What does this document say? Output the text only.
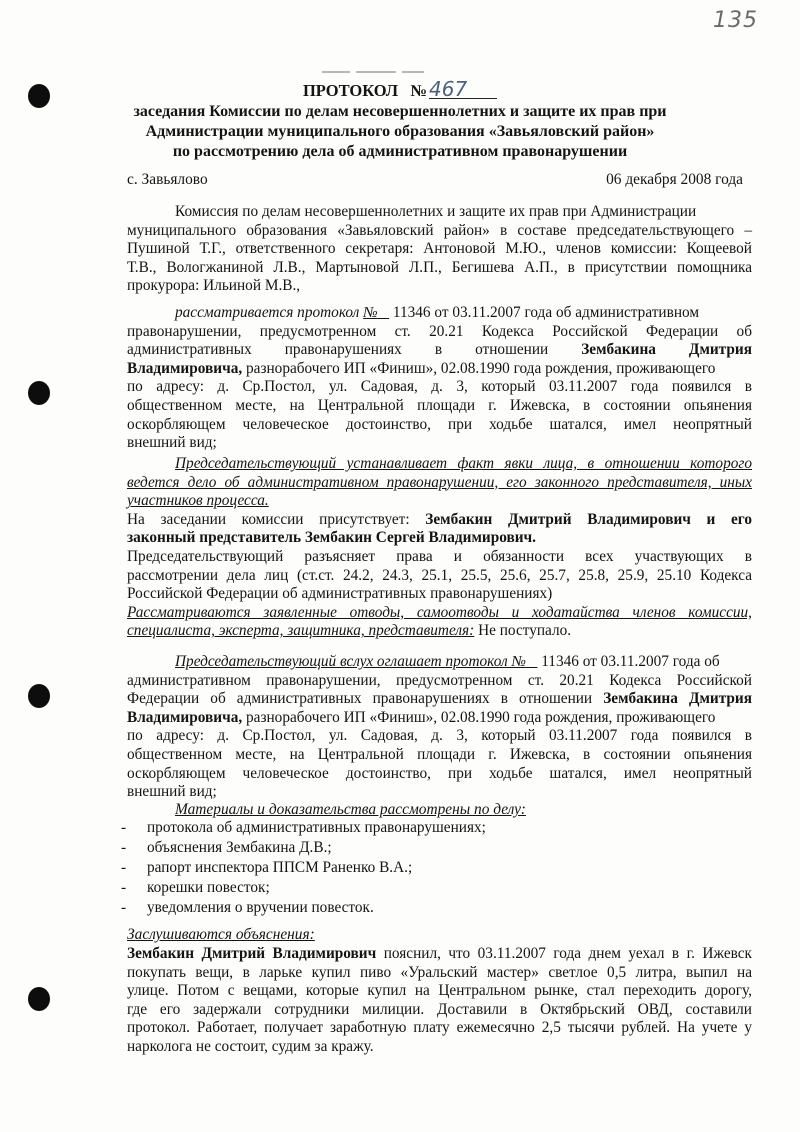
135
ПРОТОКОЛ № 467
заседания Комиссии по делам несовершеннолетних и защите их прав при
Администрации муниципального образования «Завьяловский район»
по рассмотрению дела об административном правонарушении
с. Завьялово	06 декабря 2008 года
Комиссия по делам несовершеннолетних и защите их прав при Администрации
муниципального образования «Завьяловский район» в составе председательствующего –
Пушиной Т.Г., ответственного секретаря: Антоновой М.Ю., членов комиссии: Кощеевой
Т.В., Вологжаниной Л.В., Мартыновой Л.П., Бегишева А.П., в присутствии помощника
прокурора: Ильиной М.В.,
рассматривается протокол № 11346 от 03.11.2007 года об административном
правонарушении, предусмотренном ст. 20.21 Кодекса Российской Федерации об
административных правонарушениях в отношении Зембакина Дмитрия
Владимировича, разнорабочего ИП «Финиш», 02.08.1990 года рождения, проживающего
по адресу: д. Ср.Постол, ул. Садовая, д. 3, который 03.11.2007 года появился в
общественном месте, на Центральной площади г. Ижевска, в состоянии опьянения
оскорбляющем человеческое достоинство, при ходьбе шатался, имел неопрятный
внешний вид;
Председательствующий устанавливает факт явки лица, в отношении которого
ведется дело об административном правонарушении, его законного представителя, иных
участников процесса.
На заседании комиссии присутствует: Зембакин Дмитрий Владимирович и его
законный представитель Зембакин Сергей Владимирович.
Председательствующий разъясняет права и обязанности всех участвующих в
рассмотрении дела лиц (ст.ст. 24.2, 24.3, 25.1, 25.5, 25.6, 25.7, 25.8, 25.9, 25.10 Кодекса
Российской Федерации об административных правонарушениях)
Рассматриваются заявленные отводы, самоотводы и ходатайства членов комиссии,
специалиста, эксперта, защитника, представителя: Не поступало.
Председательствующий вслух оглашает протокол № 11346 от 03.11.2007 года об
административном правонарушении, предусмотренном ст. 20.21 Кодекса Российской
Федерации об административных правонарушениях в отношении Зембакина Дмитрия
Владимировича, разнорабочего ИП «Финиш», 02.08.1990 года рождения, проживающего
по адресу: д. Ср.Постол, ул. Садовая, д. 3, который 03.11.2007 года появился в
общественном месте, на Центральной площади г. Ижевска, в состоянии опьянения
оскорбляющем человеческое достоинство, при ходьбе шатался, имел неопрятный
внешний вид;
Материалы и доказательства рассмотрены по делу:
- протокола об административных правонарушениях;
- объяснения Зембакина Д.В.;
- рапорт инспектора ППСМ Раненко В.А.;
- корешки повесток;
- уведомления о вручении повесток.
Заслушиваются объяснения:
Зембакин Дмитрий Владимирович пояснил, что 03.11.2007 года днем уехал в г. Ижевск
покупать вещи, в ларьке купил пиво «Уральский мастер» светлое 0,5 литра, выпил на
улице. Потом с вещами, которые купил на Центральном рынке, стал переходить дорогу,
где его задержали сотрудники милиции. Доставили в Октябрьский ОВД, составили
протокол. Работает, получает заработную плату ежемесячно 2,5 тысячи рублей. На учете у
нарколога не состоит, судим за кражу.
